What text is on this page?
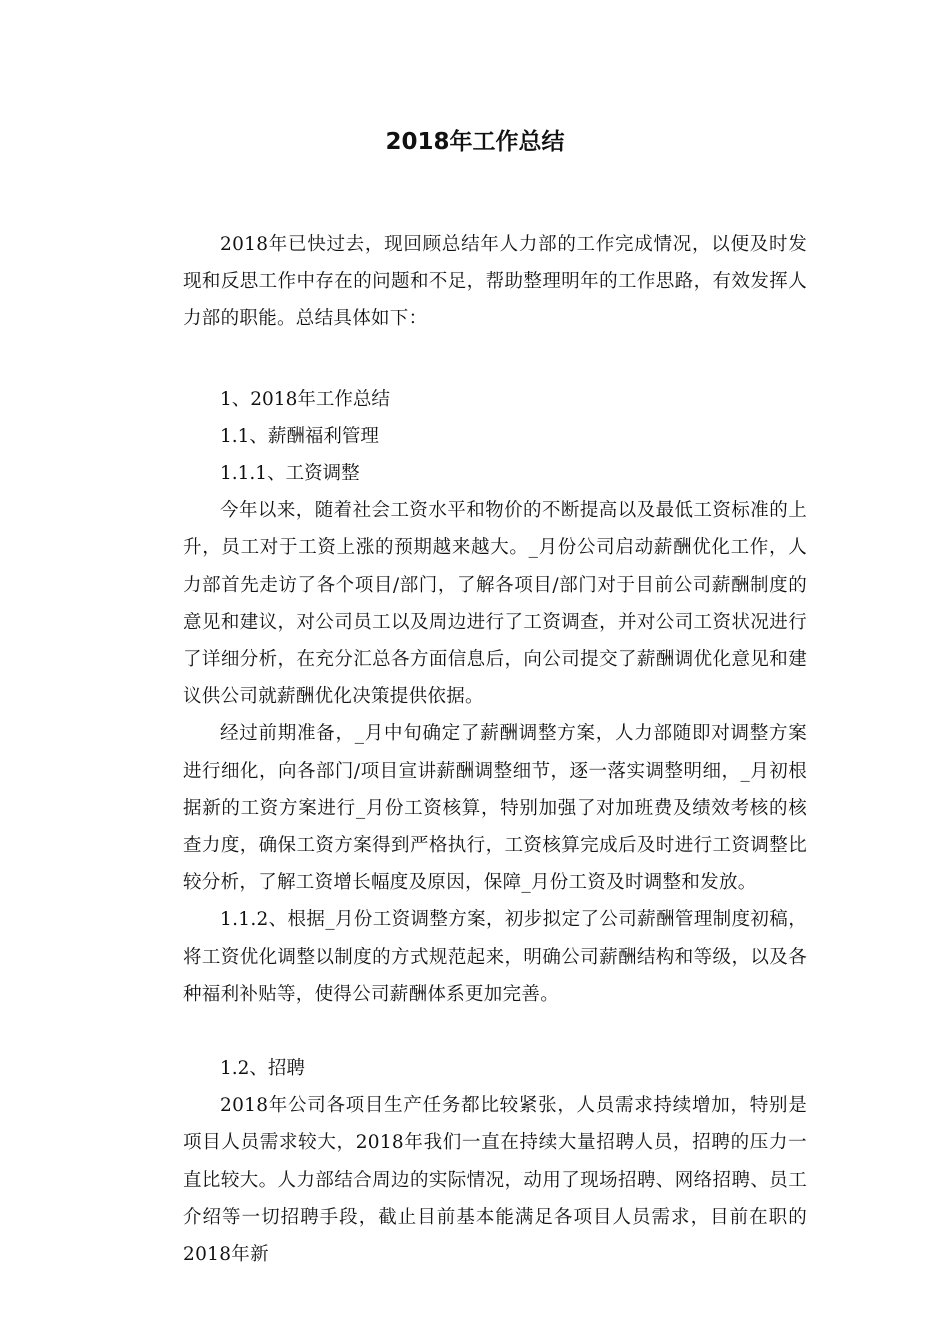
2018年工作总结

2018年已快过去，现回顾总结年人力部的工作完成情况，以便及时发现和反思工作中存在的问题和不足，帮助整理明年的工作思路，有效发挥人力部的职能。总结具体如下：

1、2018年工作总结

1.1、薪酬福利管理

1.1.1、工资调整

今年以来，随着社会工资水平和物价的不断提高以及最低工资标准的上升，员工对于工资上涨的预期越来越大。_月份公司启动薪酬优化工作，人力部首先走访了各个项目/部门，了解各项目/部门对于目前公司薪酬制度的意见和建议，对公司员工以及周边进行了工资调查，并对公司工资状况进行了详细分析，在充分汇总各方面信息后，向公司提交了薪酬调优化意见和建议供公司就薪酬优化决策提供依据。

经过前期准备，_月中旬确定了薪酬调整方案，人力部随即对调整方案进行细化，向各部门/项目宣讲薪酬调整细节，逐一落实调整明细，_月初根据新的工资方案进行_月份工资核算，特别加强了对加班费及绩效考核的核查力度，确保工资方案得到严格执行，工资核算完成后及时进行工资调整比较分析，了解工资增长幅度及原因，保障_月份工资及时调整和发放。

1.1.2、根据_月份工资调整方案，初步拟定了公司薪酬管理制度初稿，将工资优化调整以制度的方式规范起来，明确公司薪酬结构和等级，以及各种福利补贴等，使得公司薪酬体系更加完善。

1.2、招聘

2018年公司各项目生产任务都比较紧张，人员需求持续增加，特别是项目人员需求较大，2018年我们一直在持续大量招聘人员，招聘的压力一直比较大。人力部结合周边的实际情况，动用了现场招聘、网络招聘、员工介绍等一切招聘手段，截止目前基本能满足各项目人员需求，目前在职的2018年新
